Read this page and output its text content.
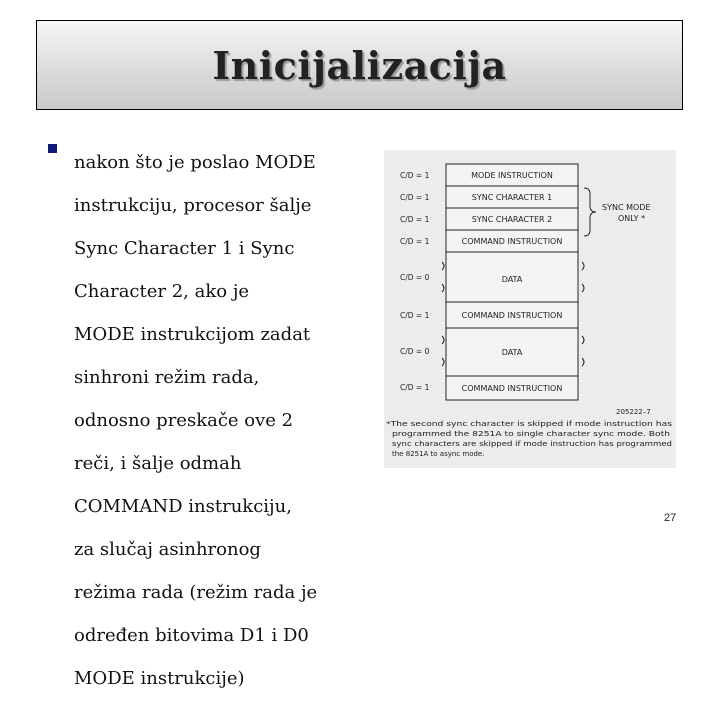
Inicijalizacija

nakon što je poslao MODE

instrukciju, procesor šalje

Sync Character 1 i Sync

Character 2, ako je

MODE instrukcijom zadat

sinhroni režim rada,

odnosno preskače ove 2

reči, i šalje odmah

COMMAND instrukciju,

za slučaj asinhronog

režima rada (režim rada je

određen bitovima D1 i D0

MODE instrukcije)

C/D = 1
C/D = 1
C/D = 1
C/D = 1
C/D = 0
C/D = 1
C/D = 0
C/D = 1
MODE INSTRUCTION
SYNC CHARACTER 1
SYNC CHARACTER 2
COMMAND INSTRUCTION
DATA
COMMAND INSTRUCTION
DATA
COMMAND INSTRUCTION
SYNC MODE
ONLY *
205222–7
*The second sync character is skipped if mode instruction has
programmed the 8251A to single character sync mode. Both
sync characters are skipped if mode instruction has programmed
the 8251A to async mode.
27
